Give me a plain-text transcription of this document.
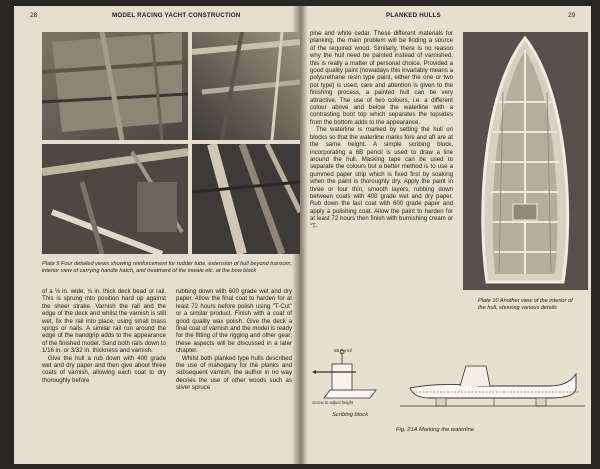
28	MODEL RACING YACHT CONSTRUCTION
Plate 9 Four detailed views showing reinforcement for rudder tube, extension of hull beyond transom, interior view of carrying handle hatch, and treatment of the inwale etc. at the bow block

of a ⅛ in. wide, ⅛ in. thick deck bead or rail. This is sprung into position hard up against the sheer strake. Varnish the rail and the edge of the deck and whilst the varnish is still wet, fix the rail into place, using small brass sprigs or nails. A similar rail run around the edge of the handgrip adds to the appearance of the finished model. Sand both rails down to 1/16 in. or 3/32 in. thickness and varnish.

Give the hull a rub down with 400 grade wet and dry paper and then give about three coats of varnish, allowing each coat to dry thoroughly before

rubbing down with 600 grade wet and dry paper. Allow the final coat to harden for at least 72 hours before polish using "T-Cut" or a similar product. Finish with a coat of good quality wax polish. Give the deck a final coat of varnish and the model is ready for the fitting of the rigging and other gear; these aspects will be discussed in a later chapter.

Whilst both planked type hulls described the use of mahogany for the planks and subsequent varnish, the author in no way decries the use of other woods such as silver spruce

PLANKED HULLS	29

pine and white cedar. These different materials for planking, the main problem will be finding a source of the required wood. Similarly, there is no reason why the hull need be painted instead of varnished, this is really a matter of personal choice. Provided a good quality paint (nowadays this invariably means a polyurethane resin type paint, either the one or two pot type) is used, care and attention is given to the finishing process, a painted hull can be very attractive. The use of two colours, i.e. a different colour above and below the waterline with a contrasting boot top which separates the topsides from the bottom adds to the appearance.

The waterline is marked by setting the hull on blocks so that the waterline marks fore and aft are at the same height. A simple scribing block, incorporating a 6B pencil is used to draw a line around the hull. Masking tape can be used to separate the colours but a better method is to use a gummed paper strip which is fixed first by soaking when the paint is thoroughly dry. Apply the paint in three or four thin, smooth layers, rubbing down between coats with 400 grade wet and dry paper. Rub down the last coat with 600 grade paper and apply a polishing coat. Allow the paint to harden for at least 72 hours then finish with burnishing cream or "T-

Plate 10 Another view of the interior of the hull, showing various details
6B Pencil
Screw to adjust height
Scribing block
Fig. 21A Marking the waterline
